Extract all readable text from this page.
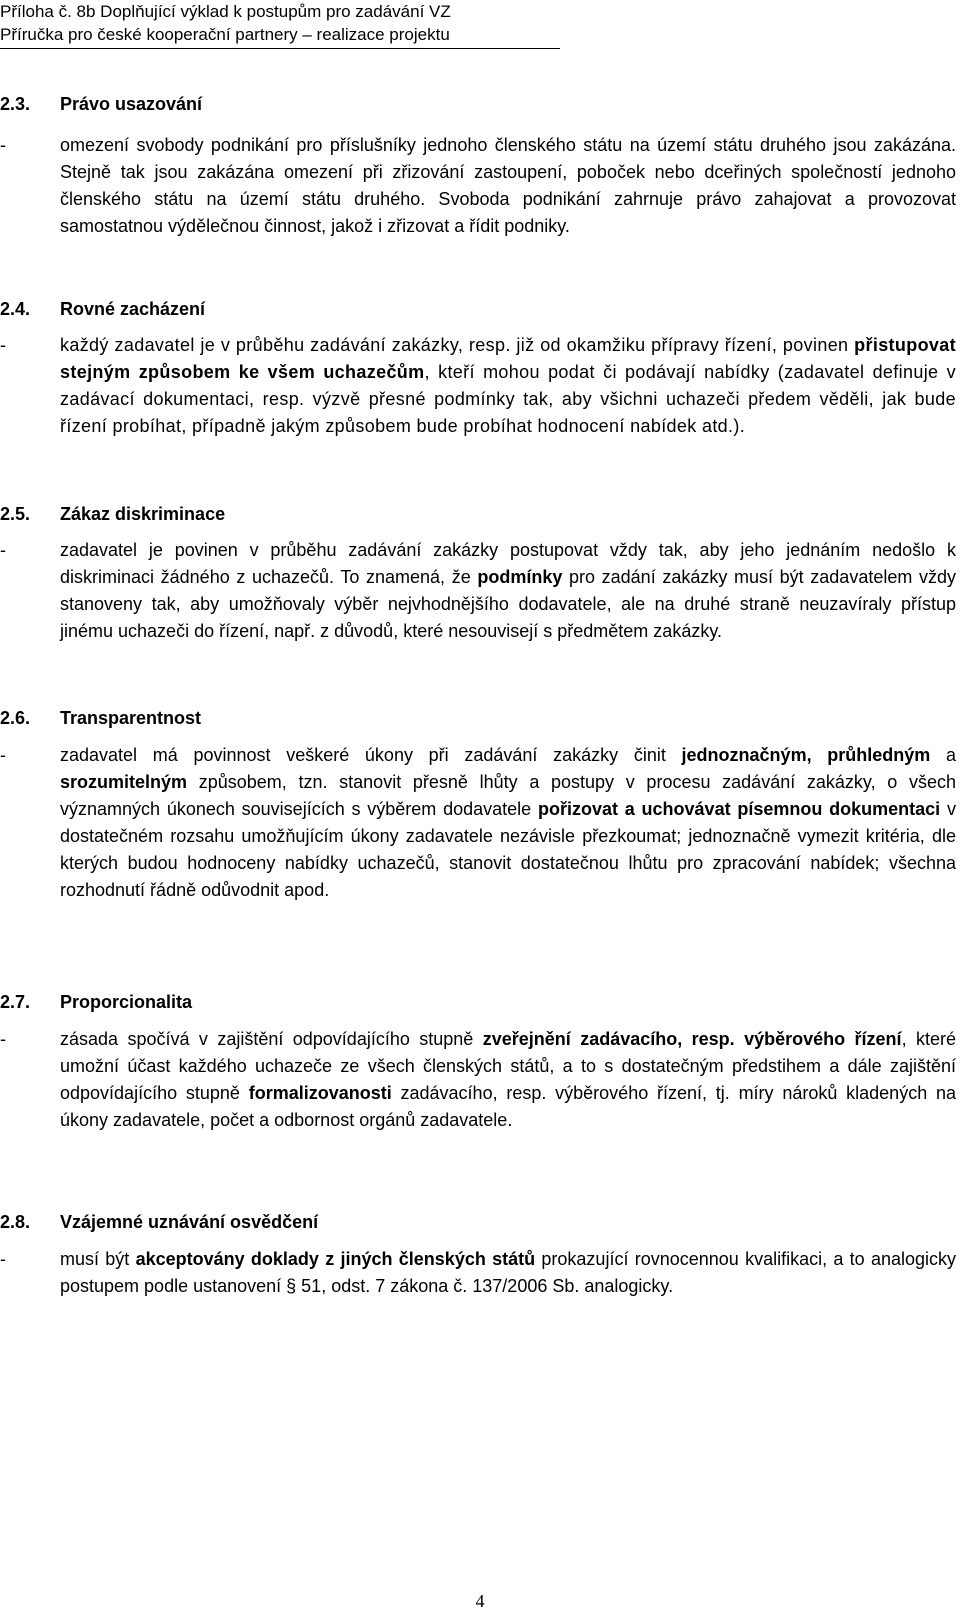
Příloha č. 8b Doplňující výklad k postupům pro zadávání VZ
Příručka pro české kooperační partnery – realizace projektu
2.3. Právo usazování
-	omezení svobody podnikání pro příslušníky jednoho členského státu na území státu druhého jsou zakázána. Stejně tak jsou zakázána omezení při zřizování zastoupení, poboček nebo dceřiných společností jednoho členského státu na území státu druhého. Svoboda podnikání zahrnuje právo zahajovat a provozovat samostatnou výdělečnou činnost, jakož i zřizovat a řídit podniky.
2.4. Rovné zacházení
-	každý zadavatel je v průběhu zadávání zakázky, resp. již od okamžiku přípravy řízení, povinen přistupovat stejným způsobem ke všem uchazečům, kteří mohou podat či podávají nabídky (zadavatel definuje v zadávací dokumentaci, resp. výzvě přesné podmínky tak, aby všichni uchazeči předem věděli, jak bude řízení probíhat, případně jakým způsobem bude probíhat hodnocení nabídek atd.).
2.5. Zákaz diskriminace
-	zadavatel je povinen v průběhu zadávání zakázky postupovat vždy tak, aby jeho jednáním nedošlo k diskriminaci žádného z uchazečů. To znamená, že podmínky pro zadání zakázky musí být zadavatelem vždy stanoveny tak, aby umožňovaly výběr nejvhodnějšího dodavatele, ale na druhé straně neuzavíraly přístup jinému uchazeči do řízení, např. z důvodů, které nesouvisejí s předmětem zakázky.
2.6. Transparentnost
-	zadavatel má povinnost veškeré úkony při zadávání zakázky činit jednoznačným, průhledným a srozumitelným způsobem, tzn. stanovit přesně lhůty a postupy v procesu zadávání zakázky, o všech významných úkonech souvisejících s výběrem dodavatele pořizovat a uchovávat písemnou dokumentaci v dostatečném rozsahu umožňujícím úkony zadavatele nezávisle přezkoumat; jednoznačně vymezit kritéria, dle kterých budou hodnoceny nabídky uchazečů, stanovit dostatečnou lhůtu pro zpracování nabídek; všechna rozhodnutí řádně odůvodnit apod.
2.7. Proporcionalita
-	zásada spočívá v zajištění odpovídajícího stupně zveřejnění zadávacího, resp. výběrového řízení, které umožní účast každého uchazeče ze všech členských států, a to s dostatečným předstihem a dále zajištění odpovídajícího stupně formalizovanosti zadávacího, resp. výběrového řízení, tj. míry nároků kladených na úkony zadavatele, počet a odbornost orgánů zadavatele.
2.8. Vzájemné uznávání osvědčení
-	musí být akceptovány doklady z jiných členských států prokazující rovnocennou kvalifikaci, a to analogicky postupem podle ustanovení § 51, odst. 7 zákona č. 137/2006 Sb. analogicky.
4
